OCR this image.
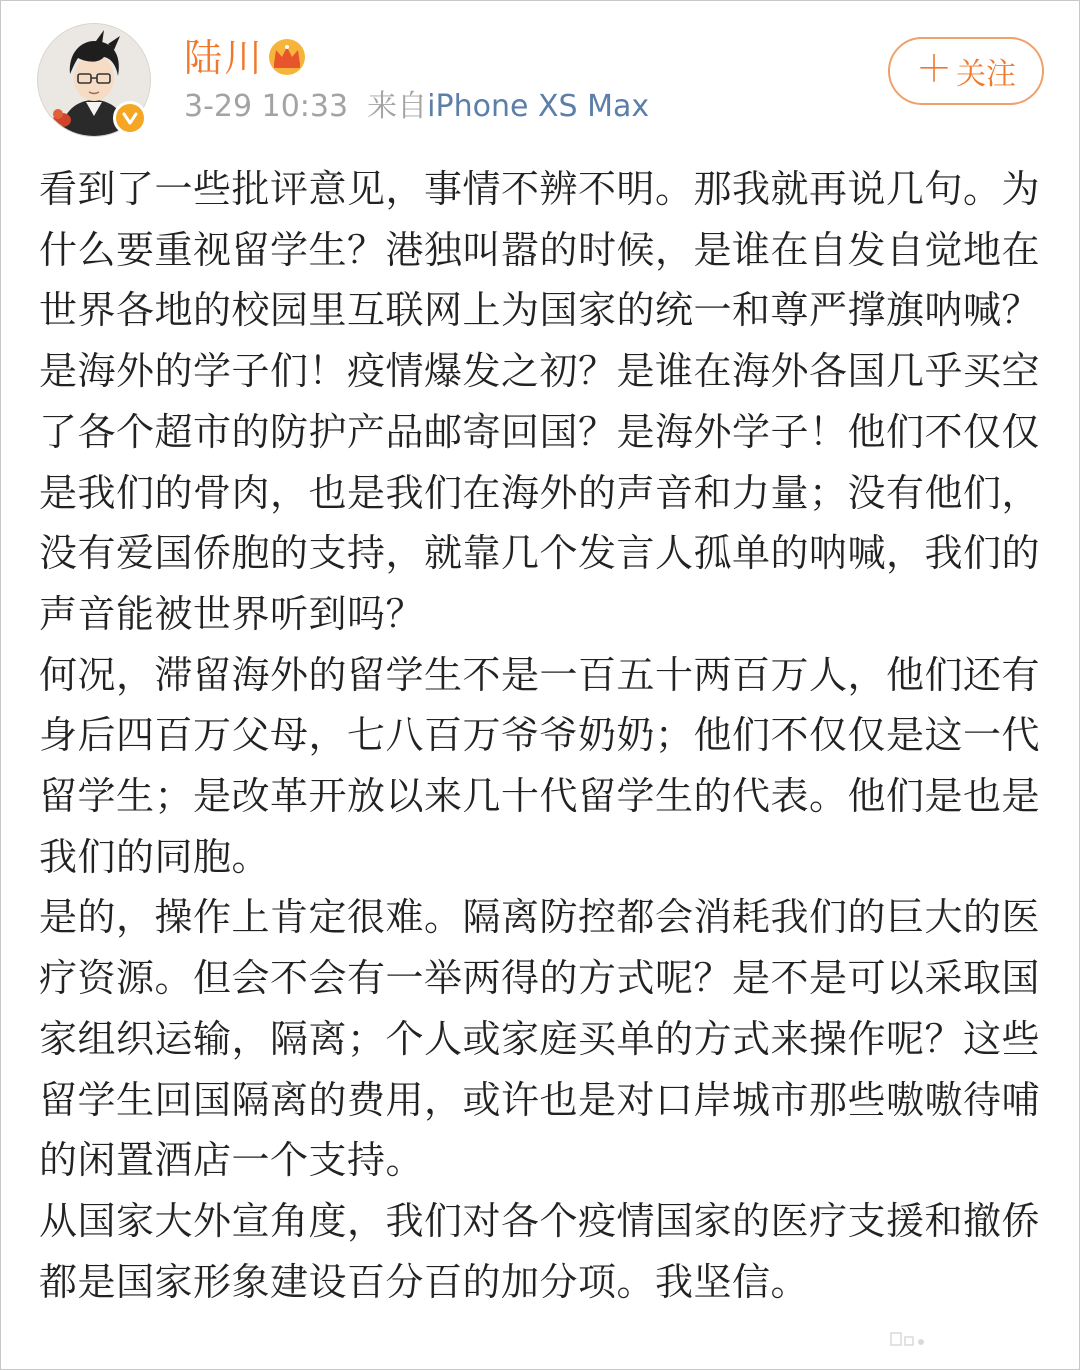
陆川
3-29 10:33 来自iPhone XS Max
＋ 关注

看到了一些批评意见，事情不辨不明。那我就再说几句。为什么要重视留学生？港独叫嚣的时候，是谁在自发自觉地在世界各地的校园里互联网上为国家的统一和尊严撑旗呐喊？是海外的学子们！疫情爆发之初？是谁在海外各国几乎买空了各个超市的防护产品邮寄回国？是海外学子！他们不仅仅是我们的骨肉，也是我们在海外的声音和力量；没有他们，没有爱国侨胞的支持，就靠几个发言人孤单的呐喊，我们的声音能被世界听到吗？

何况，滞留海外的留学生不是一百五十两百万人，他们还有身后四百万父母，七八百万爷爷奶奶；他们不仅仅是这一代留学生；是改革开放以来几十代留学生的代表。他们是也是我们的同胞。

是的，操作上肯定很难。隔离防控都会消耗我们的巨大的医疗资源。但会不会有一举两得的方式呢？是不是可以采取国家组织运输，隔离；个人或家庭买单的方式来操作呢？这些留学生回国隔离的费用，或许也是对口岸城市那些嗷嗷待哺的闲置酒店一个支持。

从国家大外宣角度，我们对各个疫情国家的医疗支援和撤侨都是国家形象建设百分百的加分项。我坚信。
